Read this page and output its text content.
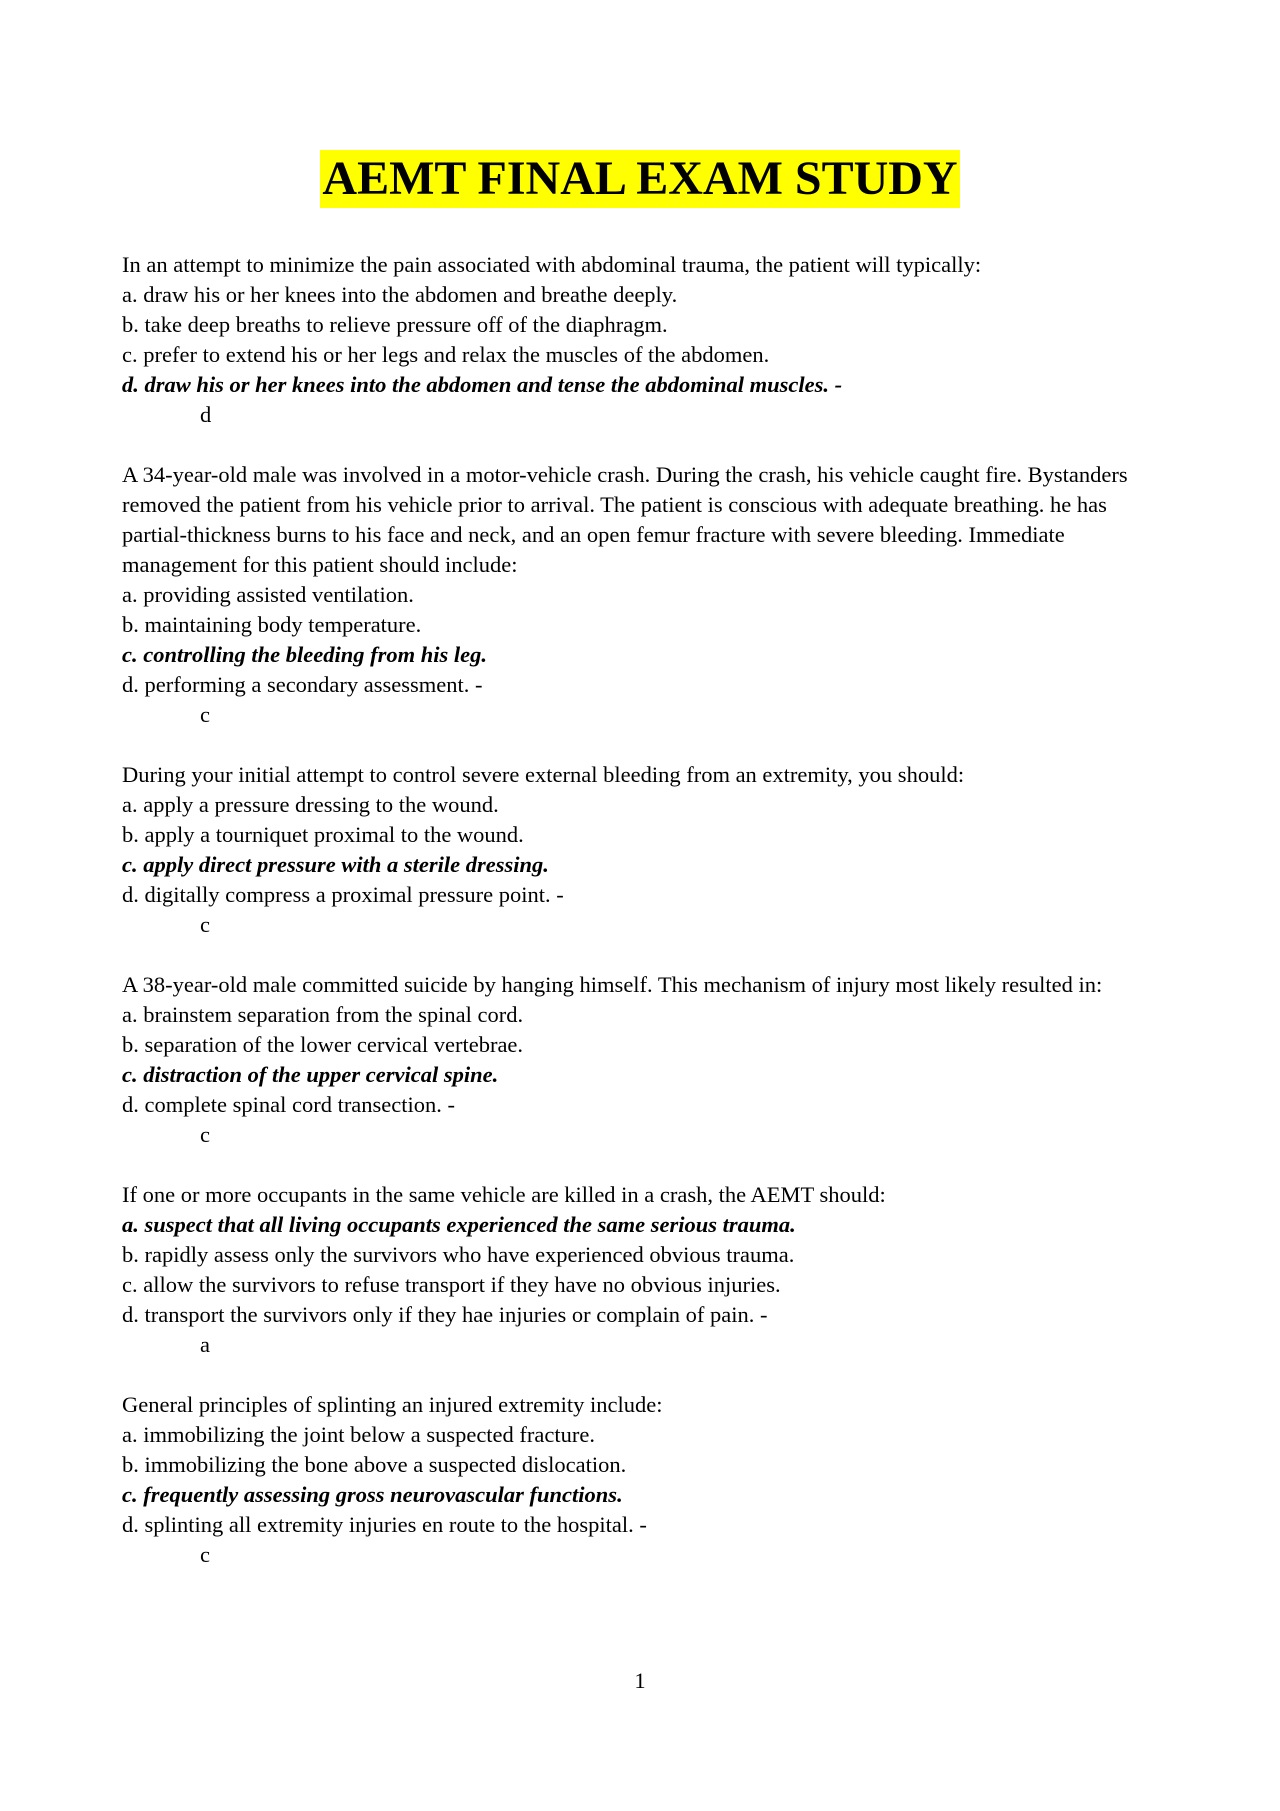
AEMT FINAL EXAM STUDY
In an attempt to minimize the pain associated with abdominal trauma, the patient will typically:
a. draw his or her knees into the abdomen and breathe deeply.
b. take deep breaths to relieve pressure off of the diaphragm.
c. prefer to extend his or her legs and relax the muscles of the abdomen.
d. draw his or her knees into the abdomen and tense the abdominal muscles. -
d
A 34-year-old male was involved in a motor-vehicle crash. During the crash, his vehicle caught fire. Bystanders removed the patient from his vehicle prior to arrival. The patient is conscious with adequate breathing. he has partial-thickness burns to his face and neck, and an open femur fracture with severe bleeding. Immediate management for this patient should include:
a. providing assisted ventilation.
b. maintaining body temperature.
c. controlling the bleeding from his leg.
d. performing a secondary assessment. -
c
During your initial attempt to control severe external bleeding from an extremity, you should:
a. apply a pressure dressing to the wound.
b. apply a tourniquet proximal to the wound.
c. apply direct pressure with a sterile dressing.
d. digitally compress a proximal pressure point. -
c
A 38-year-old male committed suicide by hanging himself. This mechanism of injury most likely resulted in:
a. brainstem separation from the spinal cord.
b. separation of the lower cervical vertebrae.
c. distraction of the upper cervical spine.
d. complete spinal cord transection. -
c
If one or more occupants in the same vehicle are killed in a crash, the AEMT should:
a. suspect that all living occupants experienced the same serious trauma.
b. rapidly assess only the survivors who have experienced obvious trauma.
c. allow the survivors to refuse transport if they have no obvious injuries.
d. transport the survivors only if they hae injuries or complain of pain. -
a
General principles of splinting an injured extremity include:
a. immobilizing the joint below a suspected fracture.
b. immobilizing the bone above a suspected dislocation.
c. frequently assessing gross neurovascular functions.
d. splinting all extremity injuries en route to the hospital. -
c
1
